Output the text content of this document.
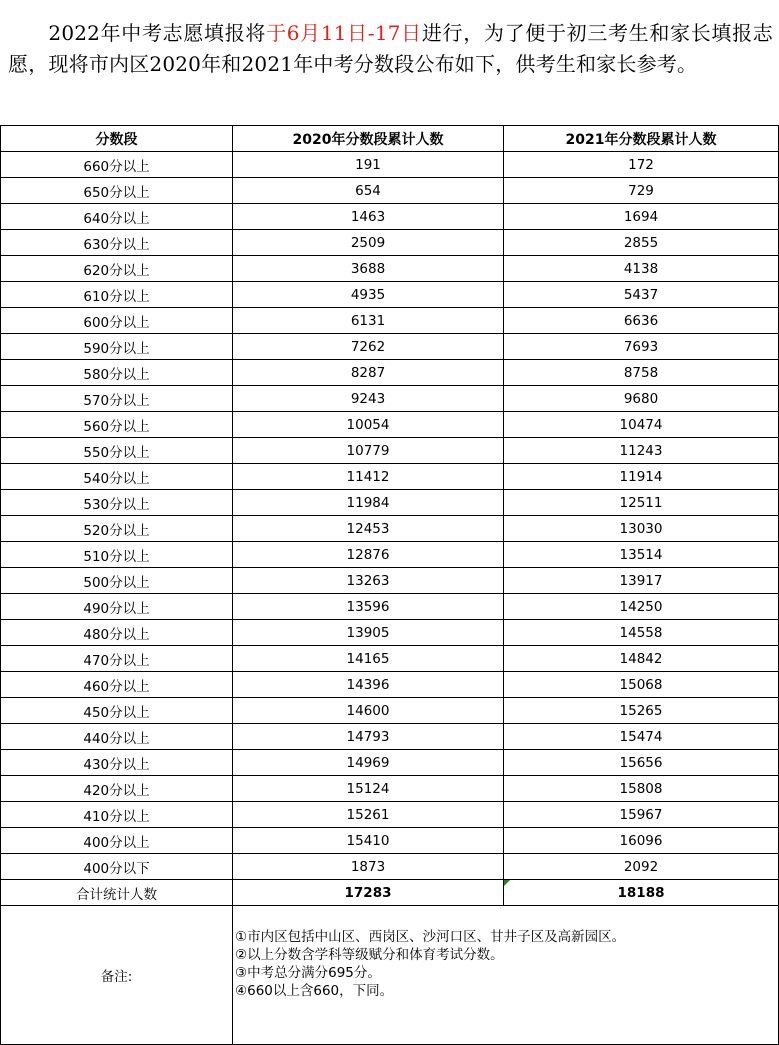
  2022年中考志愿填报将于6月11日-17日进行，为了便于初三考生和家长填报志愿，现将市内区2020年和2021年中考分数段公布如下，供考生和家长参考。
分数段	2020年分数段累计人数	2021年分数段累计人数
660分以上	191	172
650分以上	654	729
640分以上	1463	1694
630分以上	2509	2855
620分以上	3688	4138
610分以上	4935	5437
600分以上	6131	6636
590分以上	7262	7693
580分以上	8287	8758
570分以上	9243	9680
560分以上	10054	10474
550分以上	10779	11243
540分以上	11412	11914
530分以上	11984	12511
520分以上	12453	13030
510分以上	12876	13514
500分以上	13263	13917
490分以上	13596	14250
480分以上	13905	14558
470分以上	14165	14842
460分以上	14396	15068
450分以上	14600	15265
440分以上	14793	15474
430分以上	14969	15656
420分以上	15124	15808
410分以上	15261	15967
400分以上	15410	16096
400分以下	1873	2092
合计统计人数	17283	18188
备注:	①市内区包括中山区、西岗区、沙河口区、甘井子区及高新园区。
②以上分数含学科等级赋分和体育考试分数。
③中考总分满分695分。
④660以上含660，下同。	
